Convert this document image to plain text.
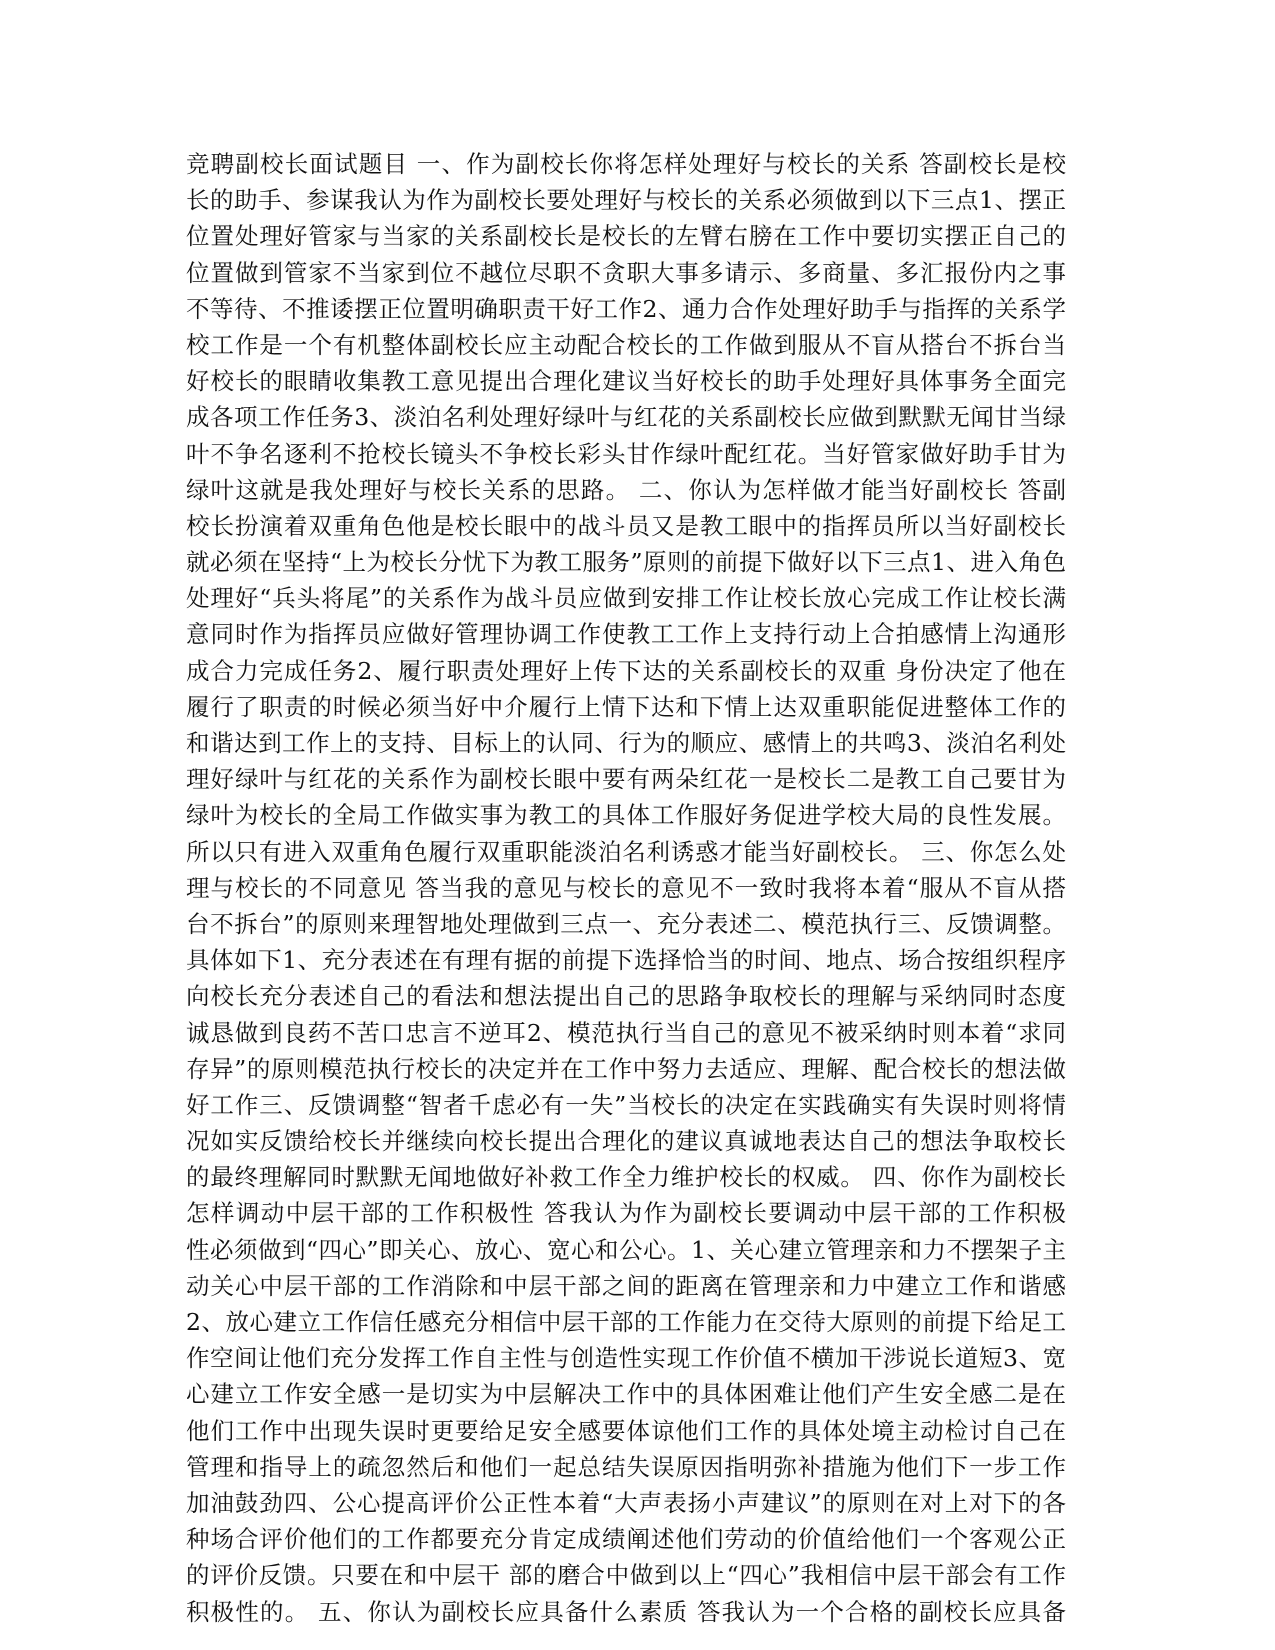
竞聘副校长面试题目 一、作为副校长你将怎样处理好与校长的关系 答副校长是校
长的助手、参谋我认为作为副校长要处理好与校长的关系必须做到以下三点1、摆正
位置处理好管家与当家的关系副校长是校长的左臂右膀在工作中要切实摆正自己的
位置做到管家不当家到位不越位尽职不贪职大事多请示、多商量、多汇报份内之事
不等待、不推诿摆正位置明确职责干好工作2、通力合作处理好助手与指挥的关系学
校工作是一个有机整体副校长应主动配合校长的工作做到服从不盲从搭台不拆台当
好校长的眼睛收集教工意见提出合理化建议当好校长的助手处理好具体事务全面完
成各项工作任务3、淡泊名利处理好绿叶与红花的关系副校长应做到默默无闻甘当绿
叶不争名逐利不抢校长镜头不争校长彩头甘作绿叶配红花。当好管家做好助手甘为
绿叶这就是我处理好与校长关系的思路。 二、你认为怎样做才能当好副校长 答副
校长扮演着双重角色他是校长眼中的战斗员又是教工眼中的指挥员所以当好副校长
就必须在坚持“上为校长分忧下为教工服务”原则的前提下做好以下三点1、进入角色
处理好“兵头将尾”的关系作为战斗员应做到安排工作让校长放心完成工作让校长满
意同时作为指挥员应做好管理协调工作使教工工作上支持行动上合拍感情上沟通形
成合力完成任务2、履行职责处理好上传下达的关系副校长的双重 身份决定了他在
履行了职责的时候必须当好中介履行上情下达和下情上达双重职能促进整体工作的
和谐达到工作上的支持、目标上的认同、行为的顺应、感情上的共鸣3、淡泊名利处
理好绿叶与红花的关系作为副校长眼中要有两朵红花一是校长二是教工自己要甘为
绿叶为校长的全局工作做实事为教工的具体工作服好务促进学校大局的良性发展。
所以只有进入双重角色履行双重职能淡泊名利诱惑才能当好副校长。 三、你怎么处
理与校长的不同意见 答当我的意见与校长的意见不一致时我将本着“服从不盲从搭
台不拆台”的原则来理智地处理做到三点一、充分表述二、模范执行三、反馈调整。
具体如下1、充分表述在有理有据的前提下选择恰当的时间、地点、场合按组织程序
向校长充分表述自己的看法和想法提出自己的思路争取校长的理解与采纳同时态度
诚恳做到良药不苦口忠言不逆耳2、模范执行当自己的意见不被采纳时则本着“求同
存异”的原则模范执行校长的决定并在工作中努力去适应、理解、配合校长的想法做
好工作三、反馈调整“智者千虑必有一失”当校长的决定在实践确实有失误时则将情
况如实反馈给校长并继续向校长提出合理化的建议真诚地表达自己的想法争取校长
的最终理解同时默默无闻地做好补救工作全力维护校长的权威。 四、你作为副校长
怎样调动中层干部的工作积极性 答我认为作为副校长要调动中层干部的工作积极
性必须做到“四心”即关心、放心、宽心和公心。1、关心建立管理亲和力不摆架子主
动关心中层干部的工作消除和中层干部之间的距离在管理亲和力中建立工作和谐感
2、放心建立工作信任感充分相信中层干部的工作能力在交待大原则的前提下给足工
作空间让他们充分发挥工作自主性与创造性实现工作价值不横加干涉说长道短3、宽
心建立工作安全感一是切实为中层解决工作中的具体困难让他们产生安全感二是在
他们工作中出现失误时更要给足安全感要体谅他们工作的具体处境主动检讨自己在
管理和指导上的疏忽然后和他们一起总结失误原因指明弥补措施为他们下一步工作
加油鼓劲四、公心提高评价公正性本着“大声表扬小声建议”的原则在对上对下的各
种场合评价他们的工作都要充分肯定成绩阐述他们劳动的价值给他们一个客观公正
的评价反馈。只要在和中层干 部的磨合中做到以上“四心”我相信中层干部会有工作
积极性的。 五、你认为副校长应具备什么素质 答我认为一个合格的副校长应具备
